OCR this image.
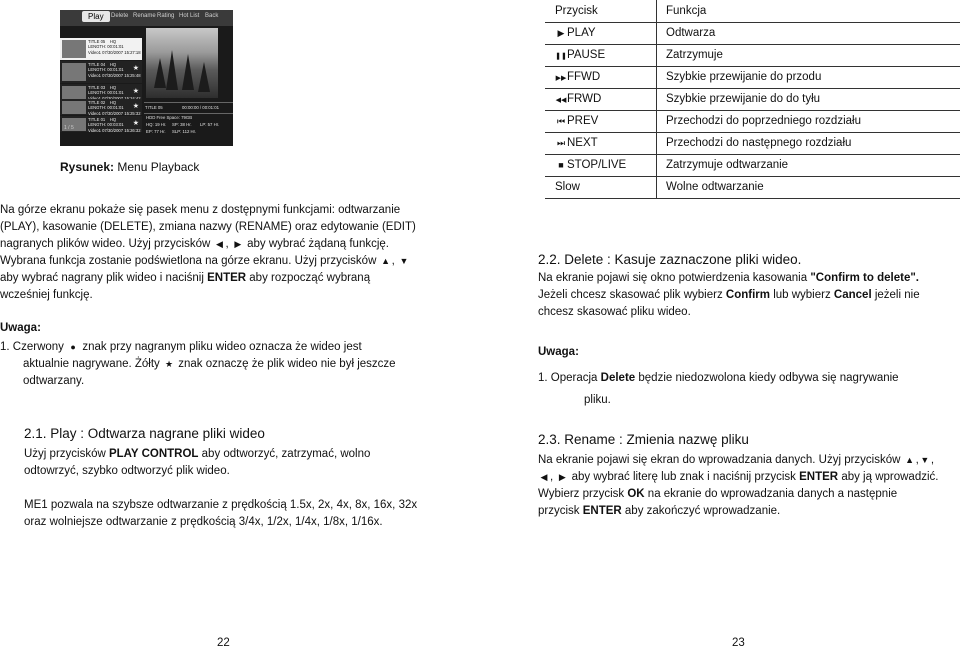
Play	Delete Rename Rating Hot List Back
TITLE 05 HQ
LENGTH: 00:01:01
Video1 07/30/2007 15:27:18
TITLE 04 HQ
LENGTH: 00:01:01
Video1 07/30/2007 15:25:48
★
TITLE 03 HQ
LENGTH: 00:01:01	★
TITLE 02 HQ
LENGTH: 00:01:01
Video1 07/30/2007 15:25:32
★
TITLE 01 HQ
LENGTH: 00:03:01
Video1 07/30/2007 15:26:32
★
1 / 5
TITLE 05	00:00:00 / 00:01:01
HDD Free Space: 79GB
HQ: 19 Hr. SP: 38 Hr. LP: 57 Hr.
EP: 77 Hr. SLP: 112 Hr.
Rysunek: Menu Playback
Na górze ekranu pokaże się pasek menu z dostępnymi funkcjami: odtwarzanie
(PLAY), kasowanie (DELETE), zmiana nazwy (RENAME) oraz edytowanie (EDIT)
nagranych plików wideo. Użyj przycisków ◀ , ▶ aby wybrać żądaną funkcję.
Wybrana funkcja zostanie podświetlona na górze ekranu. Użyj przycisków ▲ , ▼
aby wybrać nagrany plik wideo i naciśnij ENTER aby rozpocząć wybraną
wcześniej funkcję.
Uwaga:
1. Czerwony ● znak przy nagranym pliku wideo oznacza że wideo jest
aktualnie nagrywane. Żółty ★ znak oznaczę że plik wideo nie był jeszcze
odtwarzany.
2.1. Play : Odtwarza nagrane pliki wideo
Użyj przycisków PLAY CONTROL aby odtworzyć, zatrzymać, wolno
odtowrzyć, szybko odtworzyć plik wideo.
ME1 pozwala na szybsze odtwarzanie z prędkością 1.5x, 2x, 4x, 8x, 16x, 32x
oraz wolniejsze odtwarzanie z prędkością 3/4x, 1/2x, 1/4x, 1/8x, 1/16x.
22
Przycisk	Funkcja
▶ PLAY	Odtwarza
❚❚PAUSE	Zatrzymuje
▶▶FFWD	Szybkie przewijanie do przodu
◀◀FRWD	Szybkie przewijanie do do tyłu
⏮ PREV	Przechodzi do poprzedniego rozdziału
⏭ NEXT	Przechodzi do następnego rozdziału
■ STOP/LIVE	Zatrzymuje odtwarzanie
Slow	Wolne odtwarzanie
2.2. Delete : Kasuje zaznaczone pliki wideo.
Na ekranie pojawi się okno potwierdzenia kasowania "Confirm to delete".
Jeżeli chcesz skasować plik wybierz Confirm lub wybierz Cancel jeżeli nie
chcesz skasować pliku wideo.
Uwaga:
1. Operacja Delete będzie niedozwolona kiedy odbywa się nagrywanie
pliku.
2.3. Rename : Zmienia nazwę pliku
Na ekranie pojawi się ekran do wprowadzania danych. Użyj przycisków ▲ , ▼ ,
◀ , ▶ aby wybrać literę lub znak i naciśnij przycisk ENTER aby ją wprowadzić.
Wybierz przycisk OK na ekranie do wprowadzania danych a następnie
przycisk ENTER aby zakończyć wprowadzanie.
23
